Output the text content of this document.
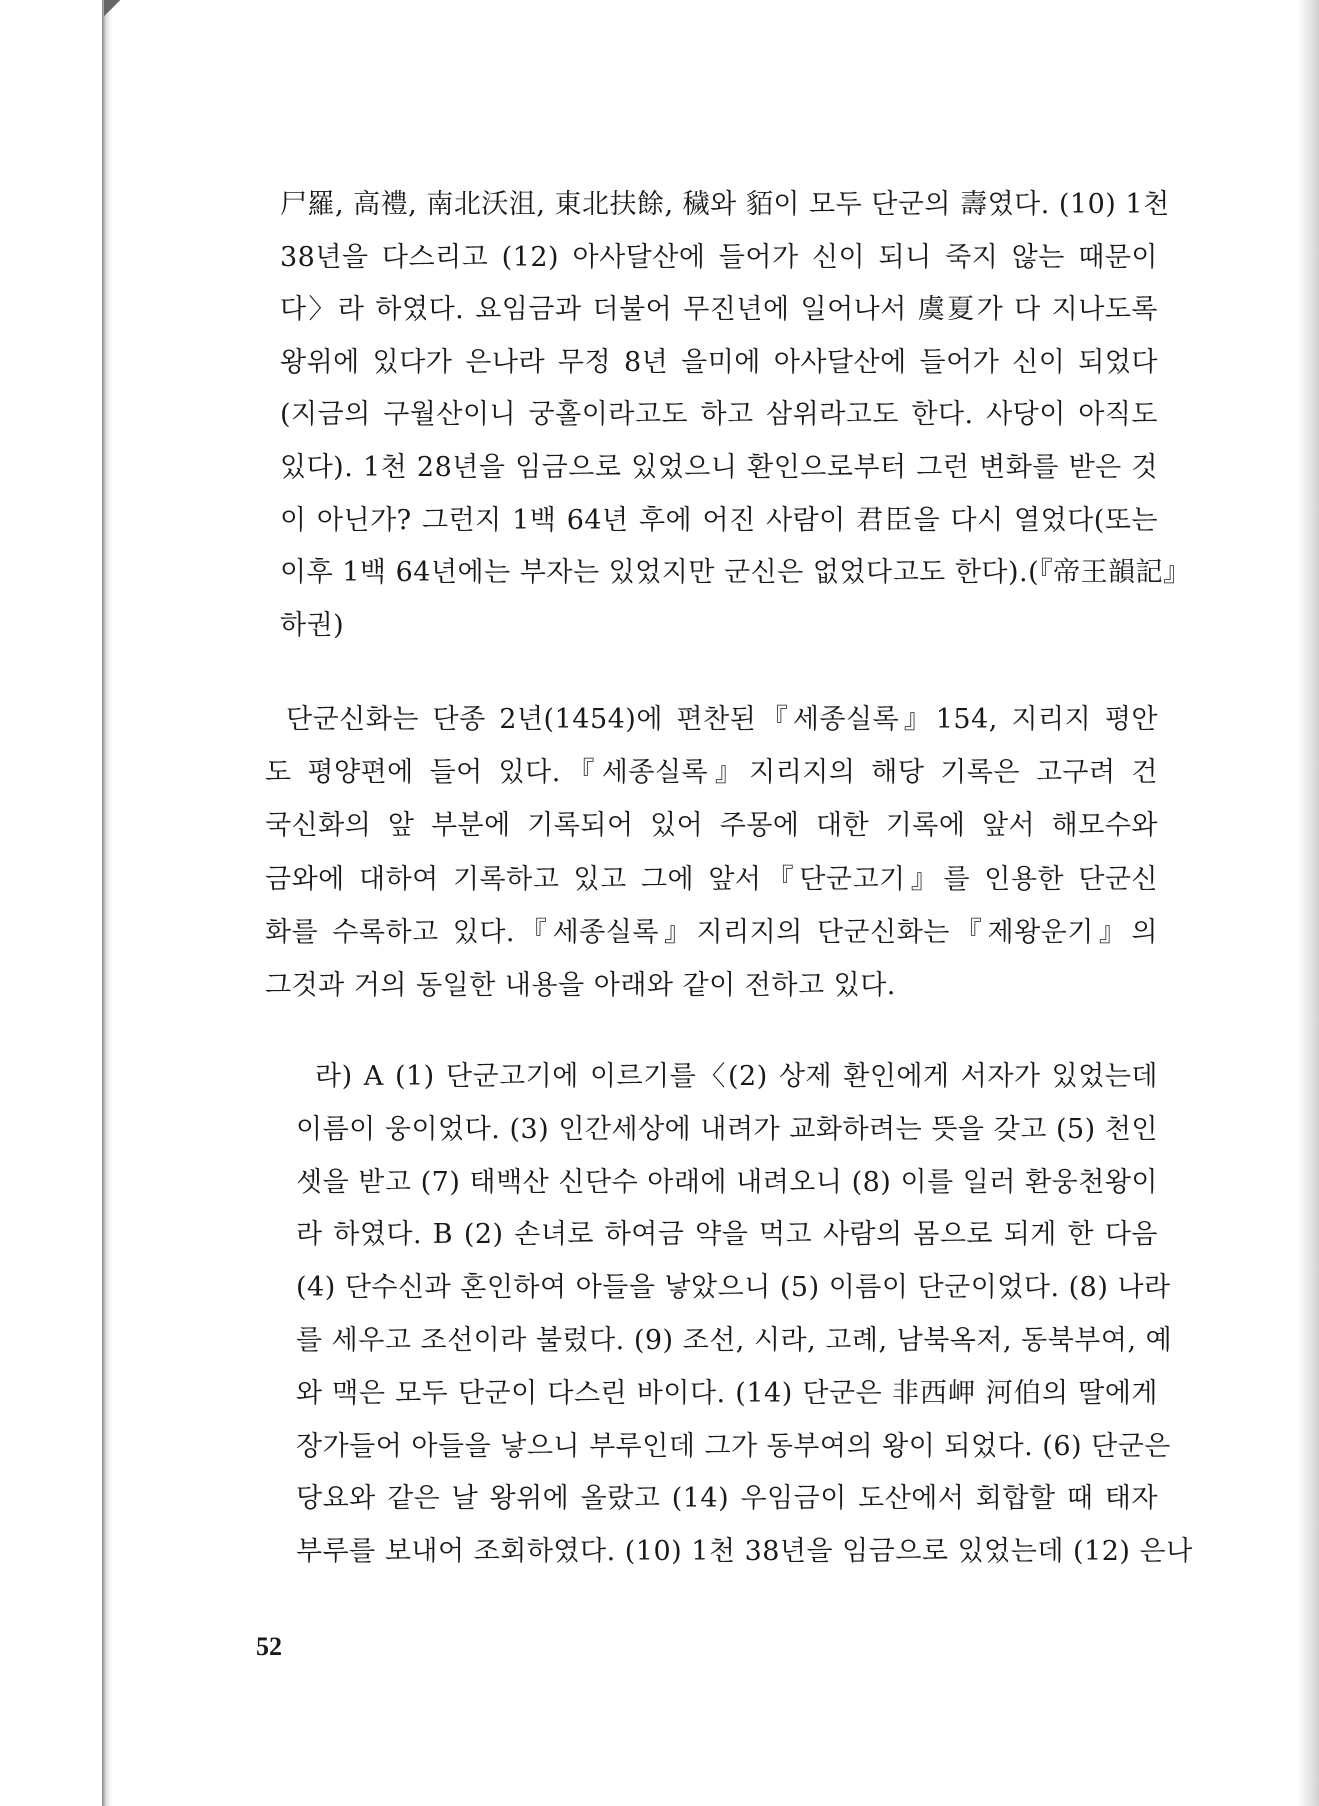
尸羅, 高禮, 南北沃沮, 東北扶餘, 穢와 貊이 모두 단군의 壽였다. (10) 1천
38년을 다스리고 (12) 아사달산에 들어가 신이 되니 죽지 않는 때문이
다〉라 하였다. 요임금과 더불어 무진년에 일어나서 虞夏가 다 지나도록
왕위에 있다가 은나라 무정 8년 을미에 아사달산에 들어가 신이 되었다
(지금의 구월산이니 궁홀이라고도 하고 삼위라고도 한다. 사당이 아직도
있다). 1천 28년을 임금으로 있었으니 환인으로부터 그런 변화를 받은 것
이 아닌가? 그런지 1백 64년 후에 어진 사람이 君臣을 다시 열었다(또는
이후 1백 64년에는 부자는 있었지만 군신은 없었다고도 한다).(『帝王韻記』
하권)
단군신화는 단종 2년(1454)에 편찬된『세종실록』154, 지리지 평안
도 평양편에 들어 있다.『세종실록』지리지의 해당 기록은 고구려 건
국신화의 앞 부분에 기록되어 있어 주몽에 대한 기록에 앞서 해모수와
금와에 대하여 기록하고 있고 그에 앞서『단군고기』를 인용한 단군신
화를 수록하고 있다.『세종실록』지리지의 단군신화는『제왕운기』의
그것과 거의 동일한 내용을 아래와 같이 전하고 있다.
라) A (1) 단군고기에 이르기를〈(2) 상제 환인에게 서자가 있었는데
이름이 웅이었다. (3) 인간세상에 내려가 교화하려는 뜻을 갖고 (5) 천인
셋을 받고 (7) 태백산 신단수 아래에 내려오니 (8) 이를 일러 환웅천왕이
라 하였다. B (2) 손녀로 하여금 약을 먹고 사람의 몸으로 되게 한 다음
(4) 단수신과 혼인하여 아들을 낳았으니 (5) 이름이 단군이었다. (8) 나라
를 세우고 조선이라 불렀다. (9) 조선, 시라, 고례, 남북옥저, 동북부여, 예
와 맥은 모두 단군이 다스린 바이다. (14) 단군은 非西岬 河伯의 딸에게
장가들어 아들을 낳으니 부루인데 그가 동부여의 왕이 되었다. (6) 단군은
당요와 같은 날 왕위에 올랐고 (14) 우임금이 도산에서 회합할 때 태자
부루를 보내어 조회하였다. (10) 1천 38년을 임금으로 있었는데 (12) 은나
52
